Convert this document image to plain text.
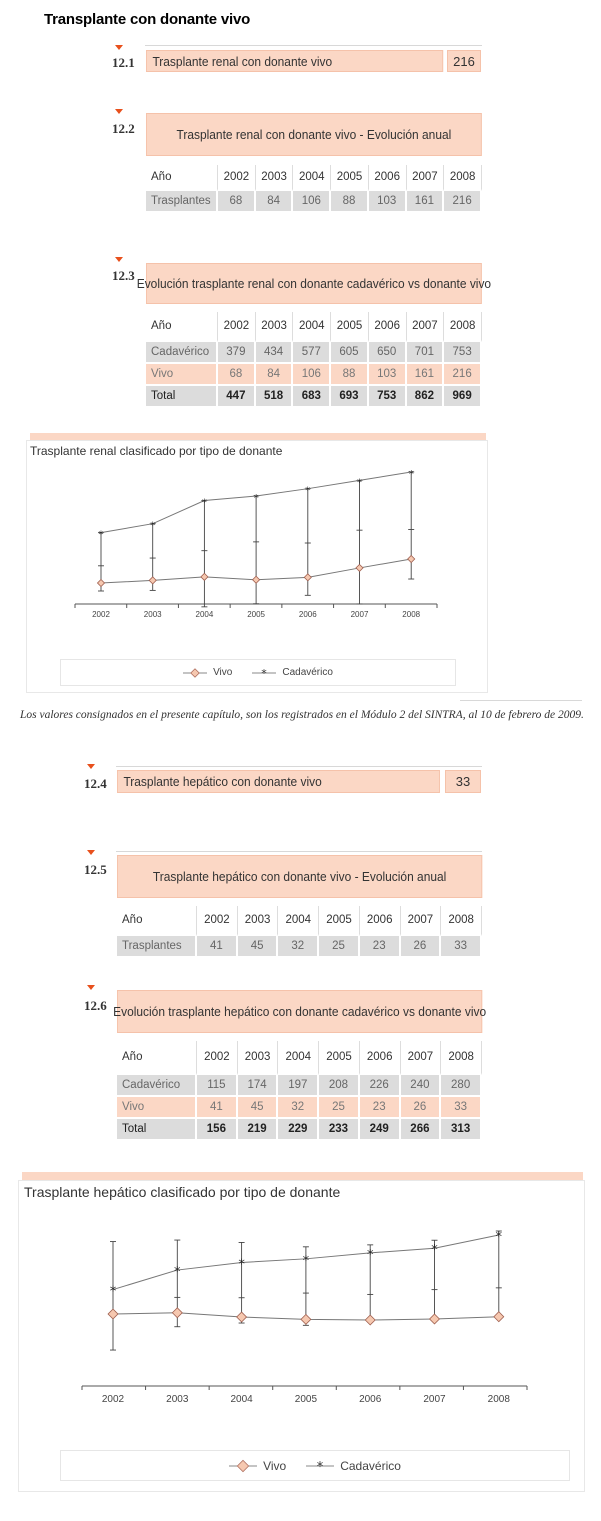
Transplante con donante vivo
12.1 Trasplante renal con donante vivo	216
12.2	Trasplante renal con donante vivo - Evolución anual
Año	2002	2003	2004	2005	2006	2007	2008
Trasplantes	68	84	106	88	103	161	216
12.3
Evolución trasplante renal con donante cadavérico vs donante vivo
Año	2002	2003	2004	2005	2006	2007	2008
Cadavérico	379	434	577	605	650	701	753
Vivo	68	84	106	88	103	161	216
Total	447	518	683	693	753	862	969
Trasplante renal clasificado por tipo de donante
2002	2003	2004	2005	2006	2007	2008
*
*
*	*
*
*
*
Vivo	* Cadavérico
Los valores consignados en el presente capítulo, son los registrados en el Módulo 2 del SINTRA, al 10 de febrero de 2009.
12.4 Trasplante hepático con donante vivo	33
12.5	Trasplante hepático con donante vivo - Evolución anual
Año	2002	2003	2004	2005	2006	2007	2008
Trasplantes	41	45	32	25	23	26	33
12.6 Evolución trasplante hepático con donante cadavérico vs donante vivo
Año	2002	2003	2004	2005	2006	2007	2008
Cadavérico	115	174	197	208	226	240	280
Vivo	41	45	32	25	23	26	33
Total	156	219	229	233	249	266	313
Trasplante hepático clasificado por tipo de donante
2002	2003	2004	2005	2006	2007	2008
*
*
*	*	*	*
*
Vivo * Cadavérico
